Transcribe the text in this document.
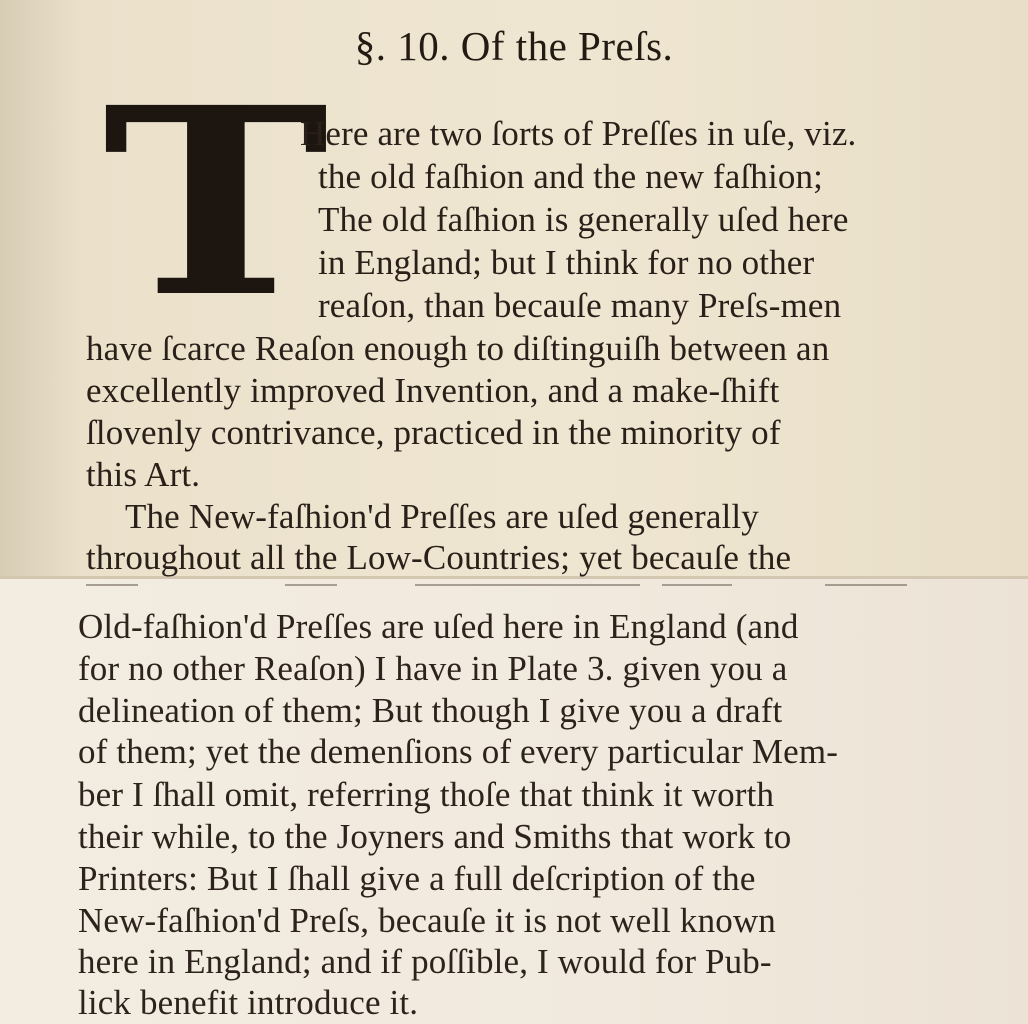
§. 10. Of the Preſs.
T
Here are two ſorts of Preſſes in uſe, viz.
the old faſhion and the new faſhion;
The old faſhion is generally uſed here
in England; but I think for no other
reaſon, than becauſe many Preſs-men
have ſcarce Reaſon enough to diſtinguiſh between an
excellently improved Invention, and a make-ſhift
ſlovenly contrivance, practiced in the minority of
this Art.
The New-faſhion'd Preſſes are uſed generally
throughout all the Low-Countries; yet becauſe the
Old-faſhion'd Preſſes are uſed here in England (and
for no other Reaſon) I have in Plate 3. given you a
delineation of them; But though I give you a draft
of them; yet the demenſions of every particular Mem-
ber I ſhall omit, referring thoſe that think it worth
their while, to the Joyners and Smiths that work to
Printers: But I ſhall give a full deſcription of the
New-faſhion'd Preſs, becauſe it is not well known
here in England; and if poſſible, I would for Pub-
lick benefit introduce it.
